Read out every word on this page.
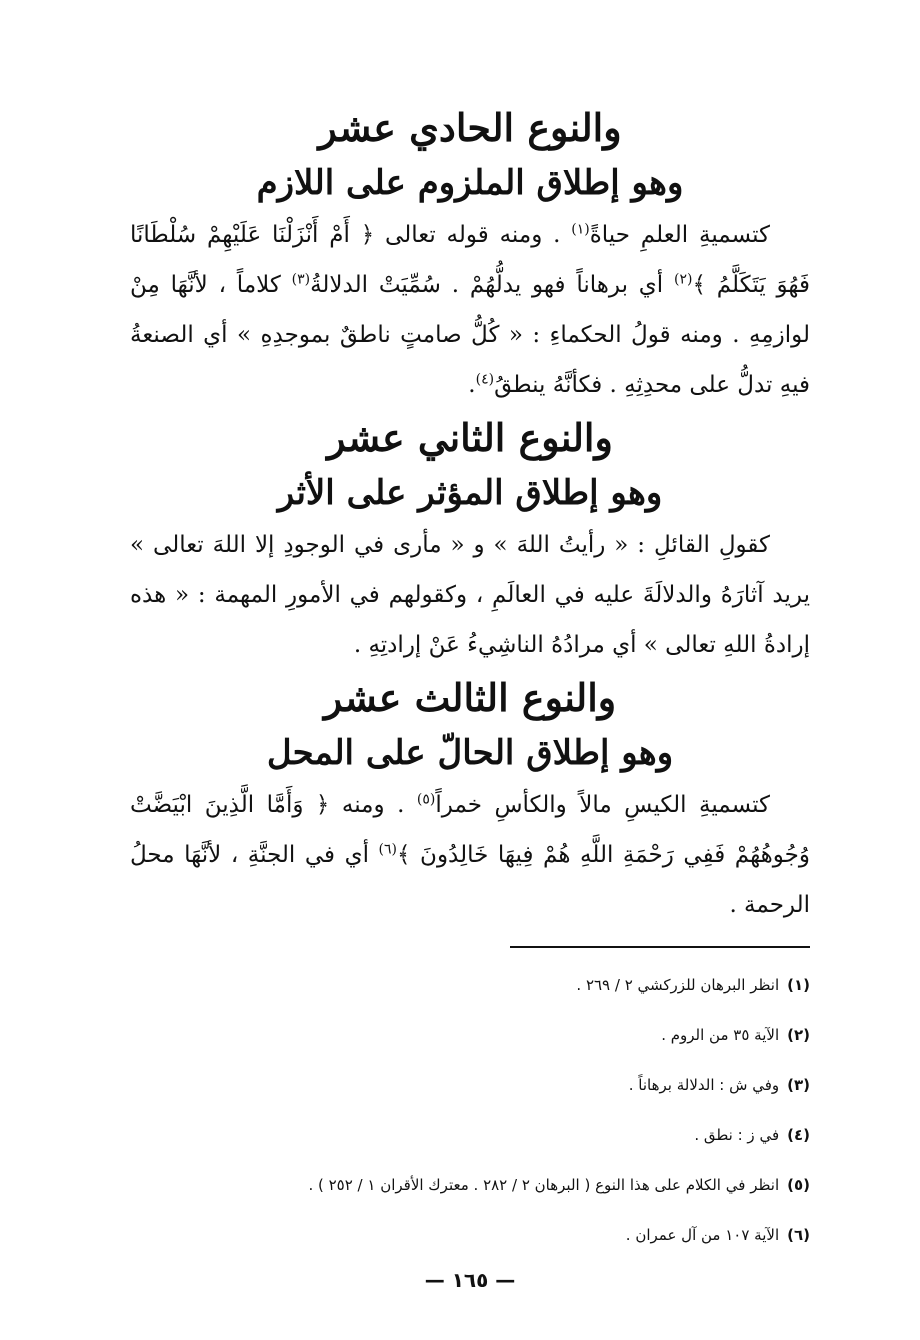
والنوع الحادي عشر
وهو إطلاق الملزوم على اللازم

كتسميةِ العلمِ حياةً$^{(١)}$ . ومنه قوله تعالى ﴿ أَمْ أَنْزَلْنَا عَلَيْهِمْ سُلْطَانًا فَهُوَ يَتَكَلَّمُ ﴾$^{(٢)}$ أي برهاناً فهو يدلُّهُمْ . سُمِّيَتْ الدلالةُ$^{(٣)}$ كلاماً ، لأنَّهَا مِنْ لوازمِهِ . ومنه قولُ الحكماءِ : « كُلُّ صامتٍ ناطقٌ بموجدِهِ » أي الصنعةُ فيهِ تدلُّ على محدِثِهِ . فكأنَّهُ ينطقُ$^{(٤)}$.

والنوع الثاني عشر
وهو إطلاق المؤثر على الأثر

كقولِ القائلِ : « رأيتُ اللهَ » و « مأرى في الوجودِ إلا اللهَ تعالى » يريد آثارَهُ والدلالَةَ عليه في العالَمِ ، وكقولهم في الأمورِ المهمة : « هذه إرادةُ اللهِ تعالى » أي مرادُهُ الناشِيءُ عَنْ إرادتِهِ .

والنوع الثالث عشر
وهو إطلاق الحالّ على المحل

كتسميةِ الكيسِ مالاً والكأسِ خمراً$^{(٥)}$ . ومنه ﴿ وَأَمَّا الَّذِينَ ابْيَضَّتْ وُجُوهُهُمْ فَفِي رَحْمَةِ اللَّهِ هُمْ فِيهَا خَالِدُونَ ﴾$^{(٦)}$ أي في الجنَّةِ ، لأنَّهَا محلُ الرحمة .

(١)انظر البرهان للزركشي ٢ / ٢٦٩ .
(٢)الآية ٣٥ من الروم .
(٣)وفي ش : الدلالة برهاناً .
(٤)في ز : نطق .
(٥)انظر في الكلام على هذا النوع ( البرهان ٢ / ٢٨٢ . معترك الأقران ١ / ٢٥٢ ) .
(٦)الآية ١٠٧ من آل عمران .
— ١٦٥ —
